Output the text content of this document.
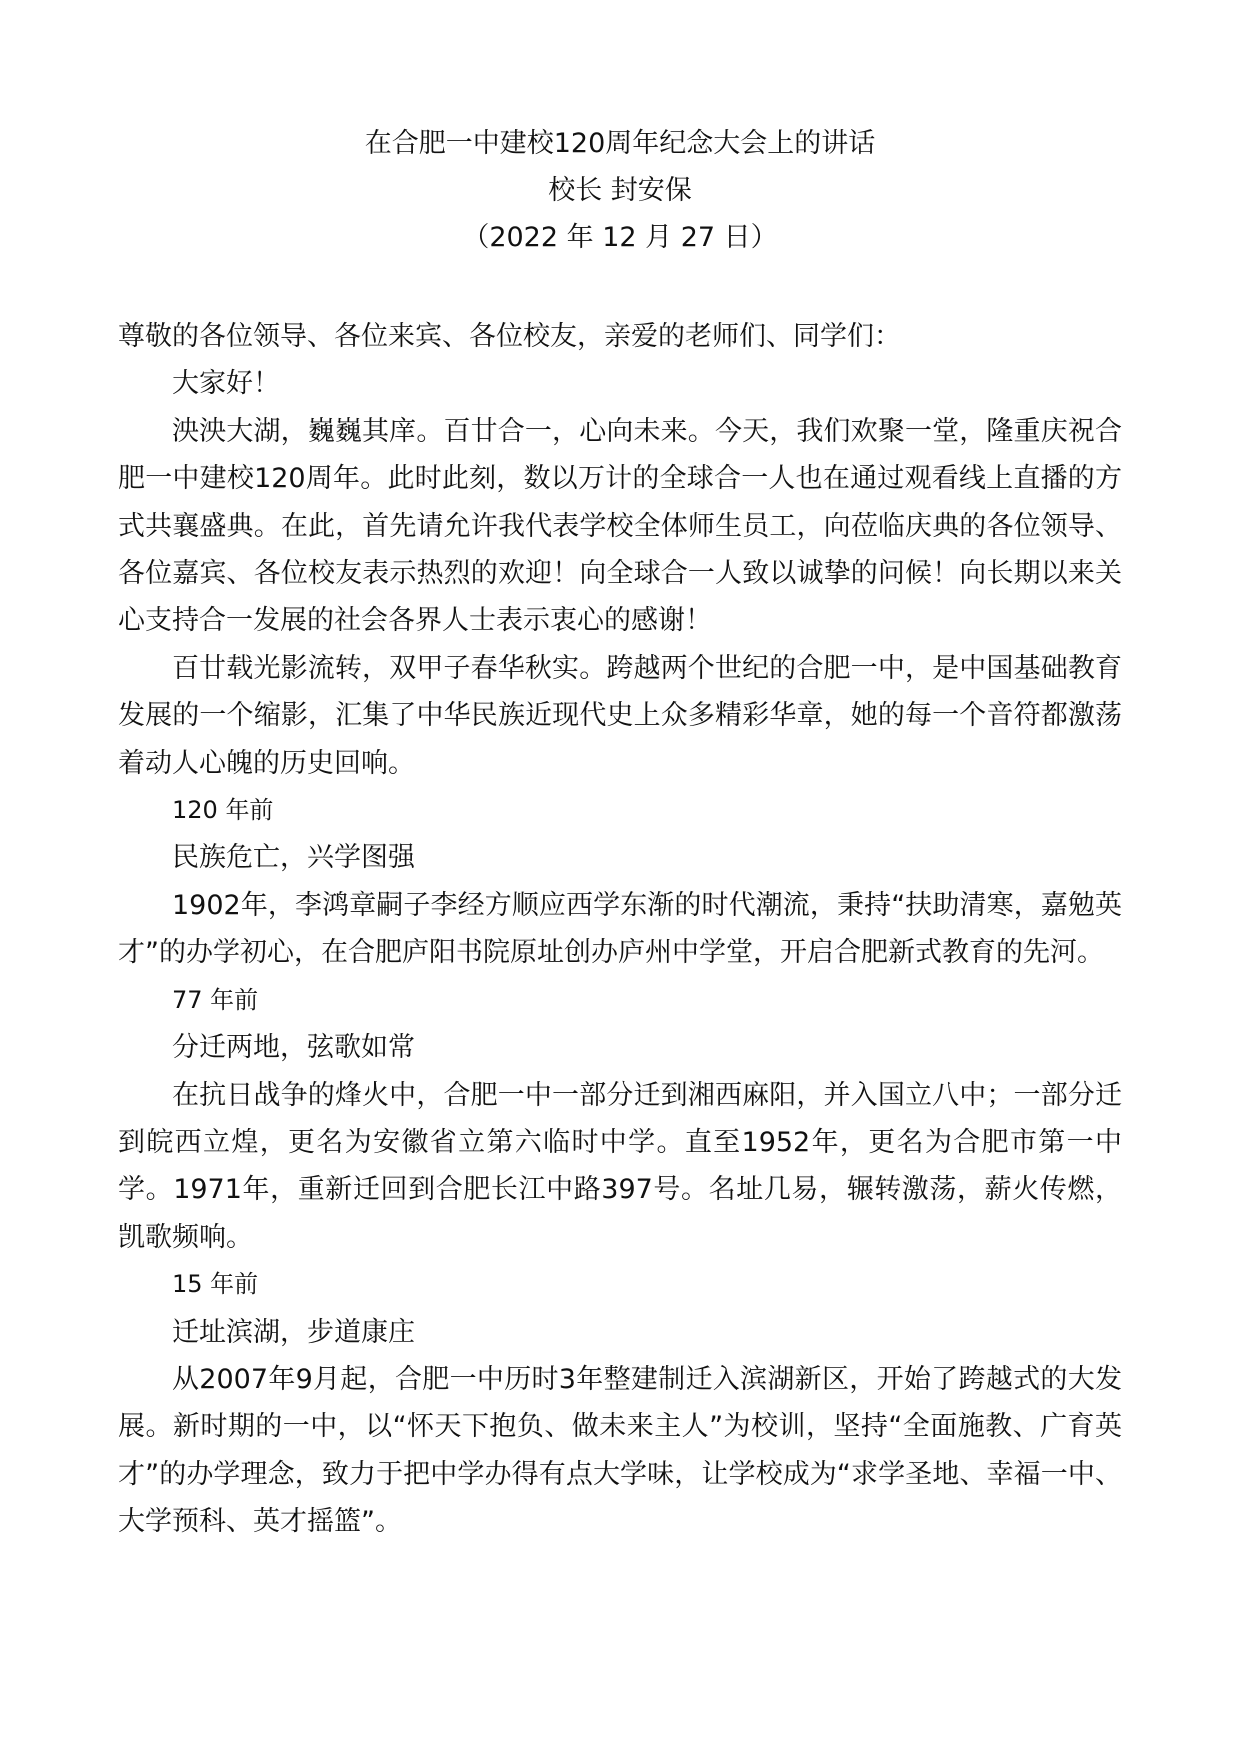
在合肥一中建校120周年纪念大会上的讲话

校长 封安保

（2022 年 12 月 27 日）

尊敬的各位领导、各位来宾、各位校友，亲爱的老师们、同学们：

大家好！

泱泱大湖，巍巍其庠。百廿合一，心向未来。今天，我们欢聚一堂，隆重庆祝合肥一中建校120周年。此时此刻，数以万计的全球合一人也在通过观看线上直播的方式共襄盛典。在此，首先请允许我代表学校全体师生员工，向莅临庆典的各位领导、各位嘉宾、各位校友表示热烈的欢迎！向全球合一人致以诚挚的问候！向长期以来关心支持合一发展的社会各界人士表示衷心的感谢！

百廿载光影流转，双甲子春华秋实。跨越两个世纪的合肥一中，是中国基础教育发展的一个缩影，汇集了中华民族近现代史上众多精彩华章，她的每一个音符都激荡着动人心魄的历史回响。

120 年前

民族危亡，兴学图强

1902年，李鸿章嗣子李经方顺应西学东渐的时代潮流，秉持“扶助清寒，嘉勉英才”的办学初心，在合肥庐阳书院原址创办庐州中学堂，开启合肥新式教育的先河。

77 年前

分迁两地，弦歌如常

在抗日战争的烽火中，合肥一中一部分迁到湘西麻阳，并入国立八中；一部分迁到皖西立煌，更名为安徽省立第六临时中学。直至1952年，更名为合肥市第一中学。1971年，重新迁回到合肥长江中路397号。名址几易，辗转激荡，薪火传燃，凯歌频响。

15 年前

迁址滨湖，步道康庄

从2007年9月起，合肥一中历时3年整建制迁入滨湖新区，开始了跨越式的大发展。新时期的一中，以“怀天下抱负、做未来主人”为校训，坚持“全面施教、广育英才”的办学理念，致力于把中学办得有点大学味，让学校成为“求学圣地、幸福一中、大学预科、英才摇篮”。
